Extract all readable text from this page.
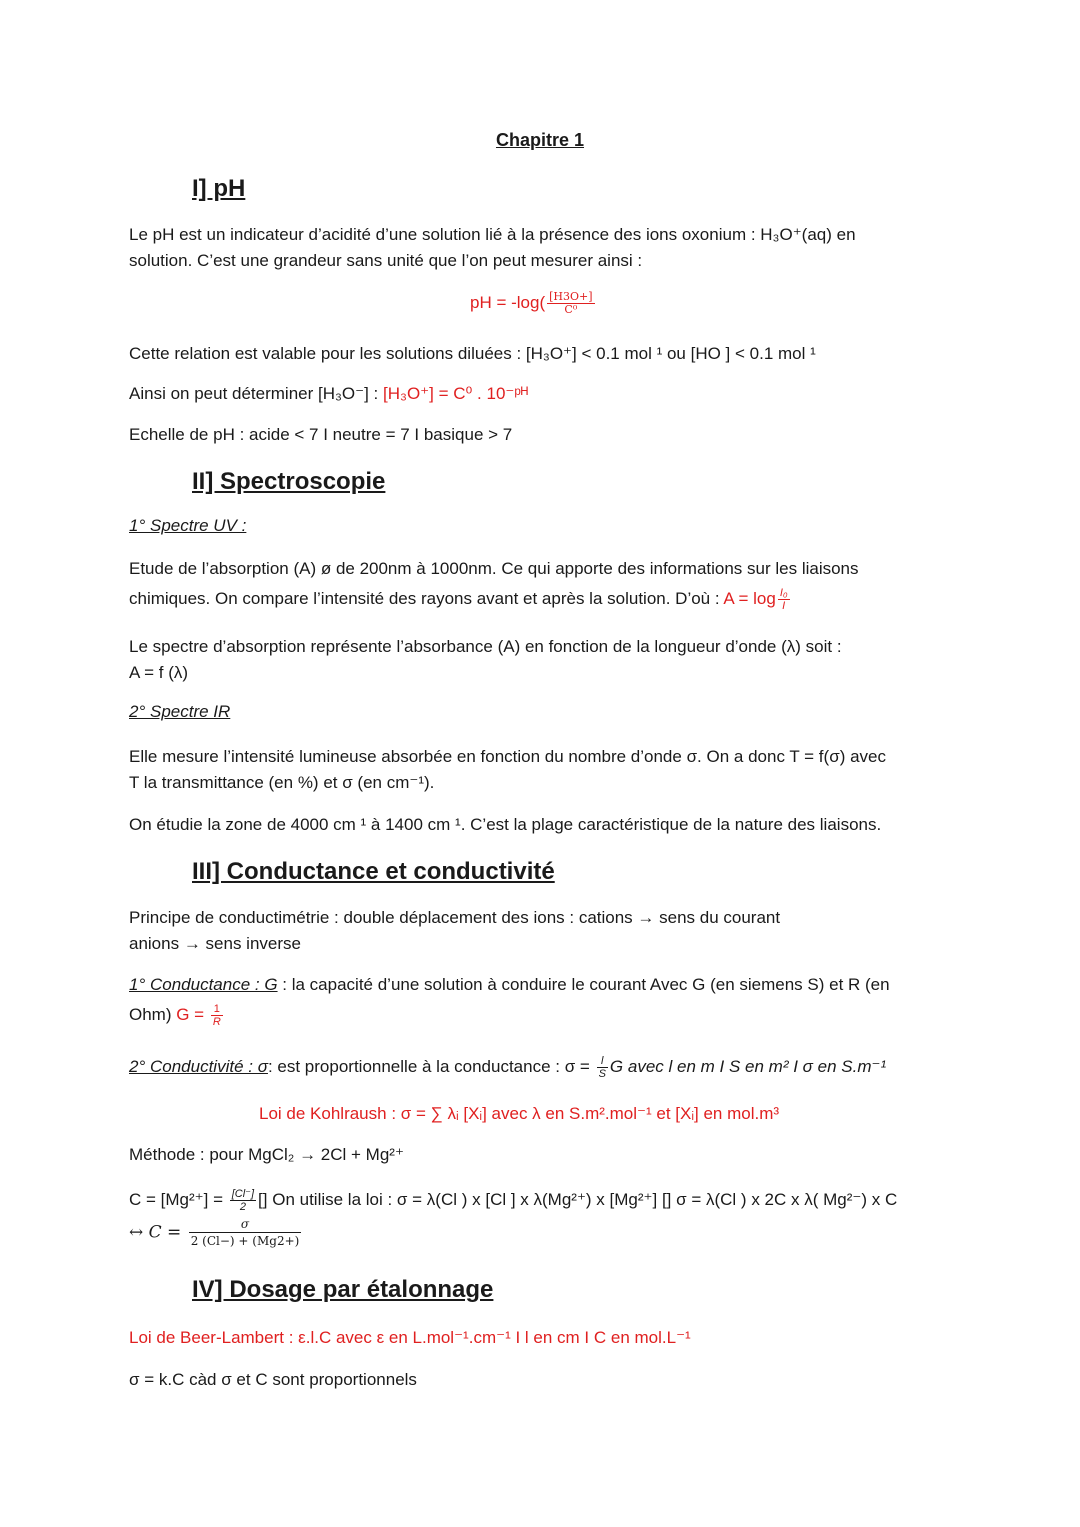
Chapitre 1
I] pH
Le pH est un indicateur d’acidité d’une solution lié à la présence des ions oxonium : H₃O⁺(aq) en
solution. C’est une grandeur sans unité que l’on peut mesurer ainsi :
pH = $-\log( \frac{[H3O+]}{\text{C⁰}}$
Cette relation est valable pour les solutions diluées : [H₃O⁺] < 0.1 mol ¹ ou [HO ] < 0.1 mol ¹
Ainsi on peut déterminer [H₃O⁻] : [H₃O⁺] = C⁰ . 10⁻ᵖᴴ
Echelle de pH : acide < 7 I neutre = 7 I basique > 7
II] Spectroscopie
1° Spectre UV :
Etude de l’absorption (A) ø de 200nm à 1000nm. Ce qui apporte des informations sur les liaisons
chimiques. On compare l’intensité des rayons avant et après la solution. D’où : $A = \log \frac{\text{I₀}}{I}$
Le spectre d’absorption représente l’absorbance (A) en fonction de la longueur d’onde (λ) soit :
A = f (λ)
2° Spectre IR
Elle mesure l’intensité lumineuse absorbée en fonction du nombre d’onde σ. On a donc T = f(σ) avec
T la transmittance (en %) et σ (en cm⁻¹).
On étudie la zone de 4000 cm ¹ à 1400 cm ¹. C’est la plage caractéristique de la nature des liaisons.
III] Conductance et conductivité
Principe de conductimétrie : double déplacement des ions : cations → sens du courant
anions → sens inverse
1° Conductance : G : la capacité d’une solution à conduire le courant Avec G (en siemens S) et R (en
Ohm) $G = \frac{1}{R}$
2° Conductivité : σ: est proportionnelle à la conductance : $\sigma = \frac{l}{S}$ G avec l en m I S en m² I σ en S.m⁻¹
Loi de Kohlraush : σ = ∑ λᵢ [Xᵢ] avec λ en S.m².mol⁻¹ et [Xᵢ] en mol.m³
Méthode : pour MgCl₂ → 2Cl + Mg²⁺
$C = [Mg^{2+}] = \frac{[Cl^-]}{2}$ [] On utilise la loi : σ = λ(Cl ) x [Cl ] x λ(Mg²⁺) x [Mg²⁺] [] σ = λ(Cl ) x 2C x λ( Mg²⁻) x C
↔ $C = \frac{\sigma}{2 (Cl-) + (Mg2+)}$
IV] Dosage par étalonnage
Loi de Beer-Lambert : ε.l.C avec ε en L.mol⁻¹.cm⁻¹ I l en cm I C en mol.L⁻¹
σ = k.C càd σ et C sont proportionnels
